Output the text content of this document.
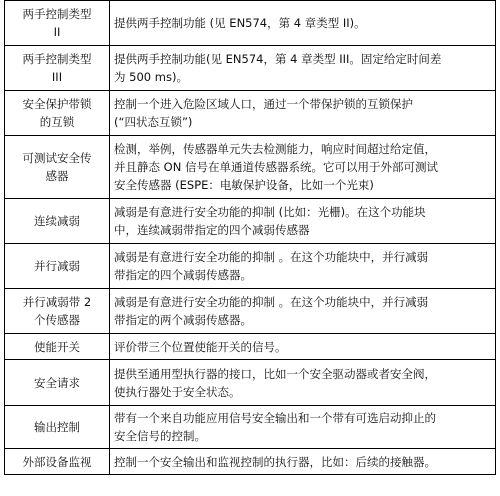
两手控制类型
II	提供两手控制功能 (见 EN574，第 4 章类型 II)。

两手控制类型
III	提供两手控制功能(见 EN574，第 4 章类型 III。固定给定时间差
为 500 ms)。

安全保护带锁
的互锁	控制一个进入危险区域人口，通过一个带保护锁的互锁保护
(“四状态互锁”)

可测试安全传
感器	检测，举例，传感器单元失去检测能力，响应时间超过给定值，
并且静态 ON 信号在单通道传感器系统。它可以用于外部可测试
安全传感器 (ESPE：电敏保护设备，比如一个光束)

连续减弱	减弱是有意进行安全功能的抑制 (比如：光栅)。在这个功能块
中，连续减弱带指定的四个减弱传感器

并行减弱	减弱是有意进行安全功能的抑制 。在这个功能块中，并行减弱
带指定的四个减弱传感器。

并行减弱带 2
个传感器	减弱是有意进行安全功能的抑制 。在这个功能块中，并行减弱
带指定的两个减弱传感器。

使能开关	评价带三个位置使能开关的信号。

安全请求	提供至通用型执行器的接口，比如一个安全驱动器或者安全阀，
使执行器处于安全状态。

输出控制	带有一个来自功能应用信号安全输出和一个带有可选启动抑止的
安全信号的控制。

外部设备监视	控制一个安全输出和监视控制的执行器，比如：后续的接触器。
